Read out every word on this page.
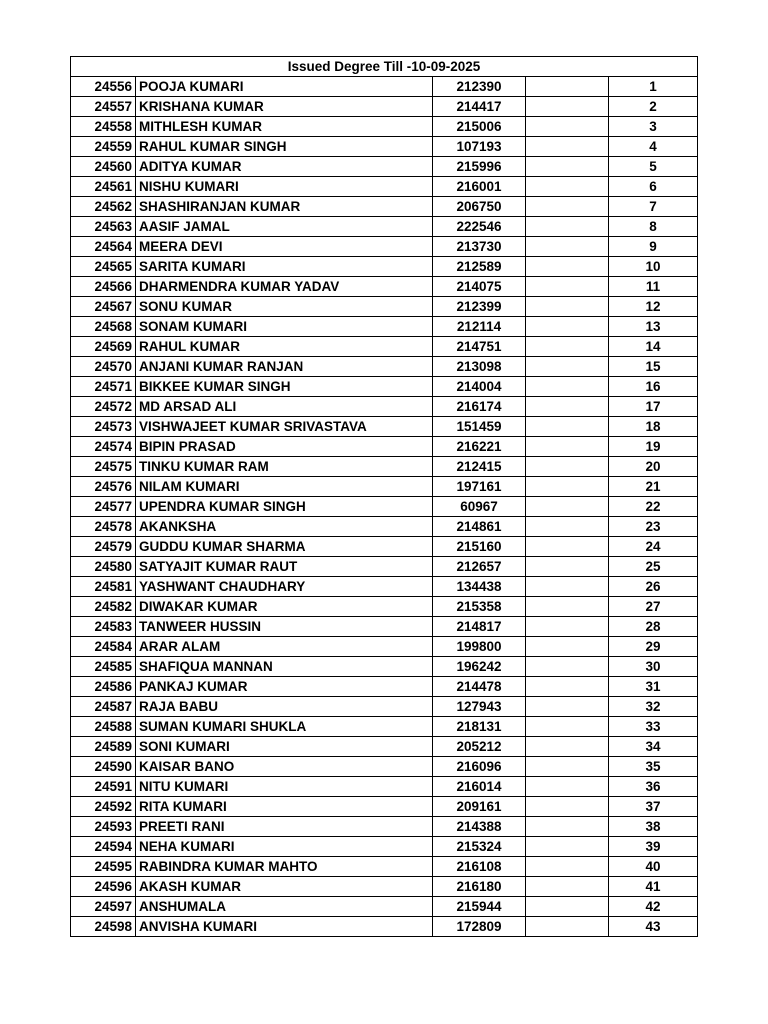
Issued Degree Till -10-09-2025				
24556	POOJA KUMARI	212390		1
24557	KRISHANA KUMAR	214417		2
24558	MITHLESH KUMAR	215006		3
24559	RAHUL KUMAR SINGH	107193		4
24560	ADITYA KUMAR	215996		5
24561	NISHU KUMARI	216001		6
24562	SHASHIRANJAN KUMAR	206750		7
24563	AASIF JAMAL	222546		8
24564	MEERA DEVI	213730		9
24565	SARITA KUMARI	212589		10
24566	DHARMENDRA KUMAR YADAV	214075		11
24567	SONU KUMAR	212399		12
24568	SONAM KUMARI	212114		13
24569	RAHUL KUMAR	214751		14
24570	ANJANI KUMAR RANJAN	213098		15
24571	BIKKEE KUMAR SINGH	214004		16
24572	MD ARSAD ALI	216174		17
24573	VISHWAJEET KUMAR SRIVASTAVA	151459		18
24574	BIPIN PRASAD	216221		19
24575	TINKU KUMAR RAM	212415		20
24576	NILAM KUMARI	197161		21
24577	UPENDRA KUMAR SINGH	60967		22
24578	AKANKSHA	214861		23
24579	GUDDU KUMAR SHARMA	215160		24
24580	SATYAJIT KUMAR RAUT	212657		25
24581	YASHWANT CHAUDHARY	134438		26
24582	DIWAKAR KUMAR	215358		27
24583	TANWEER HUSSIN	214817		28
24584	ARAR ALAM	199800		29
24585	SHAFIQUA MANNAN	196242		30
24586	PANKAJ KUMAR	214478		31
24587	RAJA BABU	127943		32
24588	SUMAN KUMARI SHUKLA	218131		33
24589	SONI KUMARI	205212		34
24590	KAISAR BANO	216096		35
24591	NITU KUMARI	216014		36
24592	RITA KUMARI	209161		37
24593	PREETI RANI	214388		38
24594	NEHA KUMARI	215324		39
24595	RABINDRA KUMAR MAHTO	216108		40
24596	AKASH KUMAR	216180		41
24597	ANSHUMALA	215944		42
24598	ANVISHA KUMARI	172809		43
